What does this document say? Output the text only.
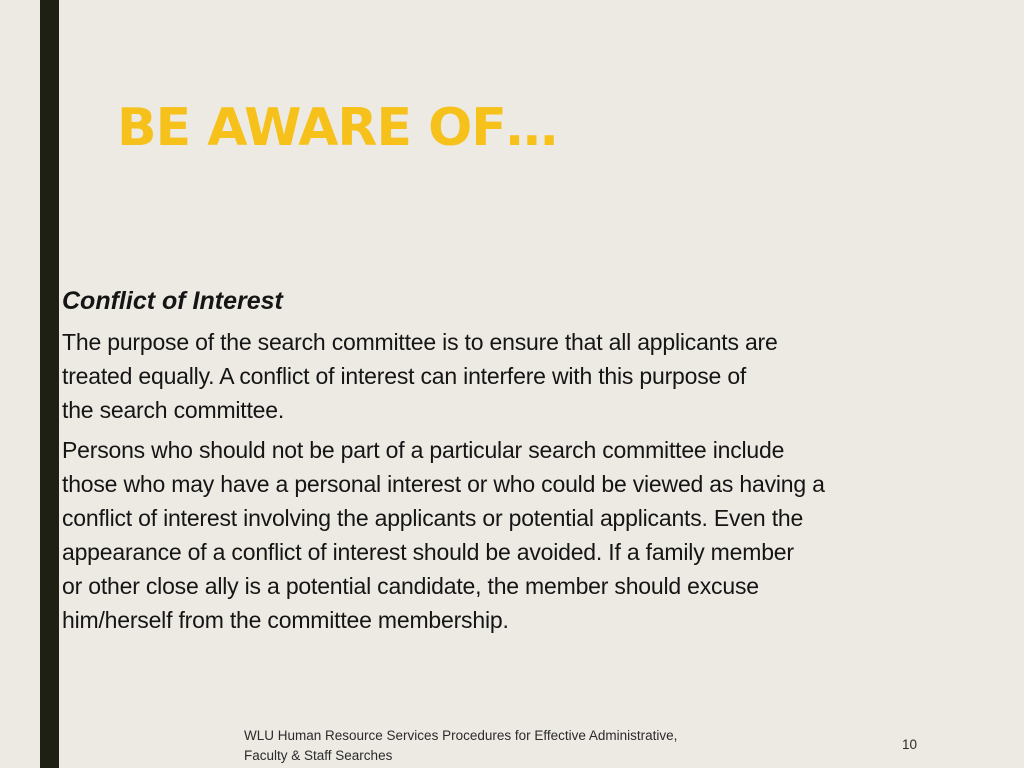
BE AWARE OF…
Conflict of Interest

The purpose of the search committee is to ensure that all applicants are
treated equally. A conflict of interest can interfere with this purpose of
the search committee.

Persons who should not be part of a particular search committee include
those who may have a personal interest or who could be viewed as having a
conflict of interest involving the applicants or potential applicants. Even the
appearance of a conflict of interest should be avoided. If a family member
or other close ally is a potential candidate, the member should excuse
him/herself from the committee membership.

WLU Human Resource Services Procedures for Effective Administrative,
Faculty & Staff Searches

10
